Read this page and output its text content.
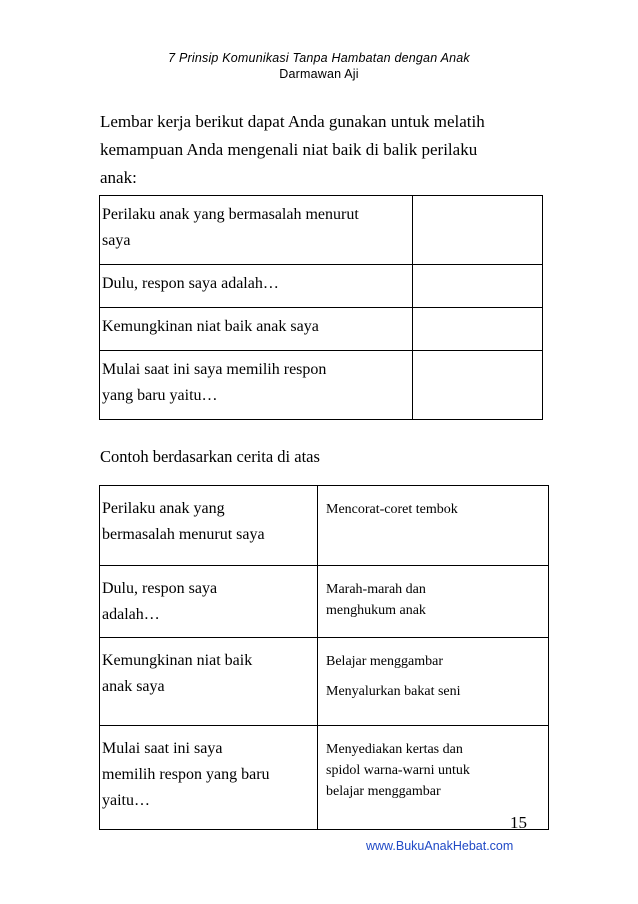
7 Prinsip Komunikasi Tanpa Hambatan dengan Anak
Darmawan Aji

Lembar kerja berikut dapat Anda gunakan untuk melatih
kemampuan Anda mengenali niat baik di balik perilaku
anak:

Perilaku anak yang bermasalah menurut
saya	
Dulu, respon saya adalah…	
Kemungkinan niat baik anak saya	
Mulai saat ini saya memilih respon
yang baru yaitu…	
Contoh berdasarkan cerita di atas
Perilaku anak yang
bermasalah menurut saya	Mencorat-coret tembok
Dulu, respon saya
adalah…	Marah-marah dan
menghukum anak
Kemungkinan niat baik
anak saya	Belajar menggambar
Menyalurkan bakat seni
Mulai saat ini saya
memilih respon yang baru
yaitu…	Menyediakan kertas dan
spidol warna-warni untuk
belajar menggambar
15
www.BukuAnakHebat.com
